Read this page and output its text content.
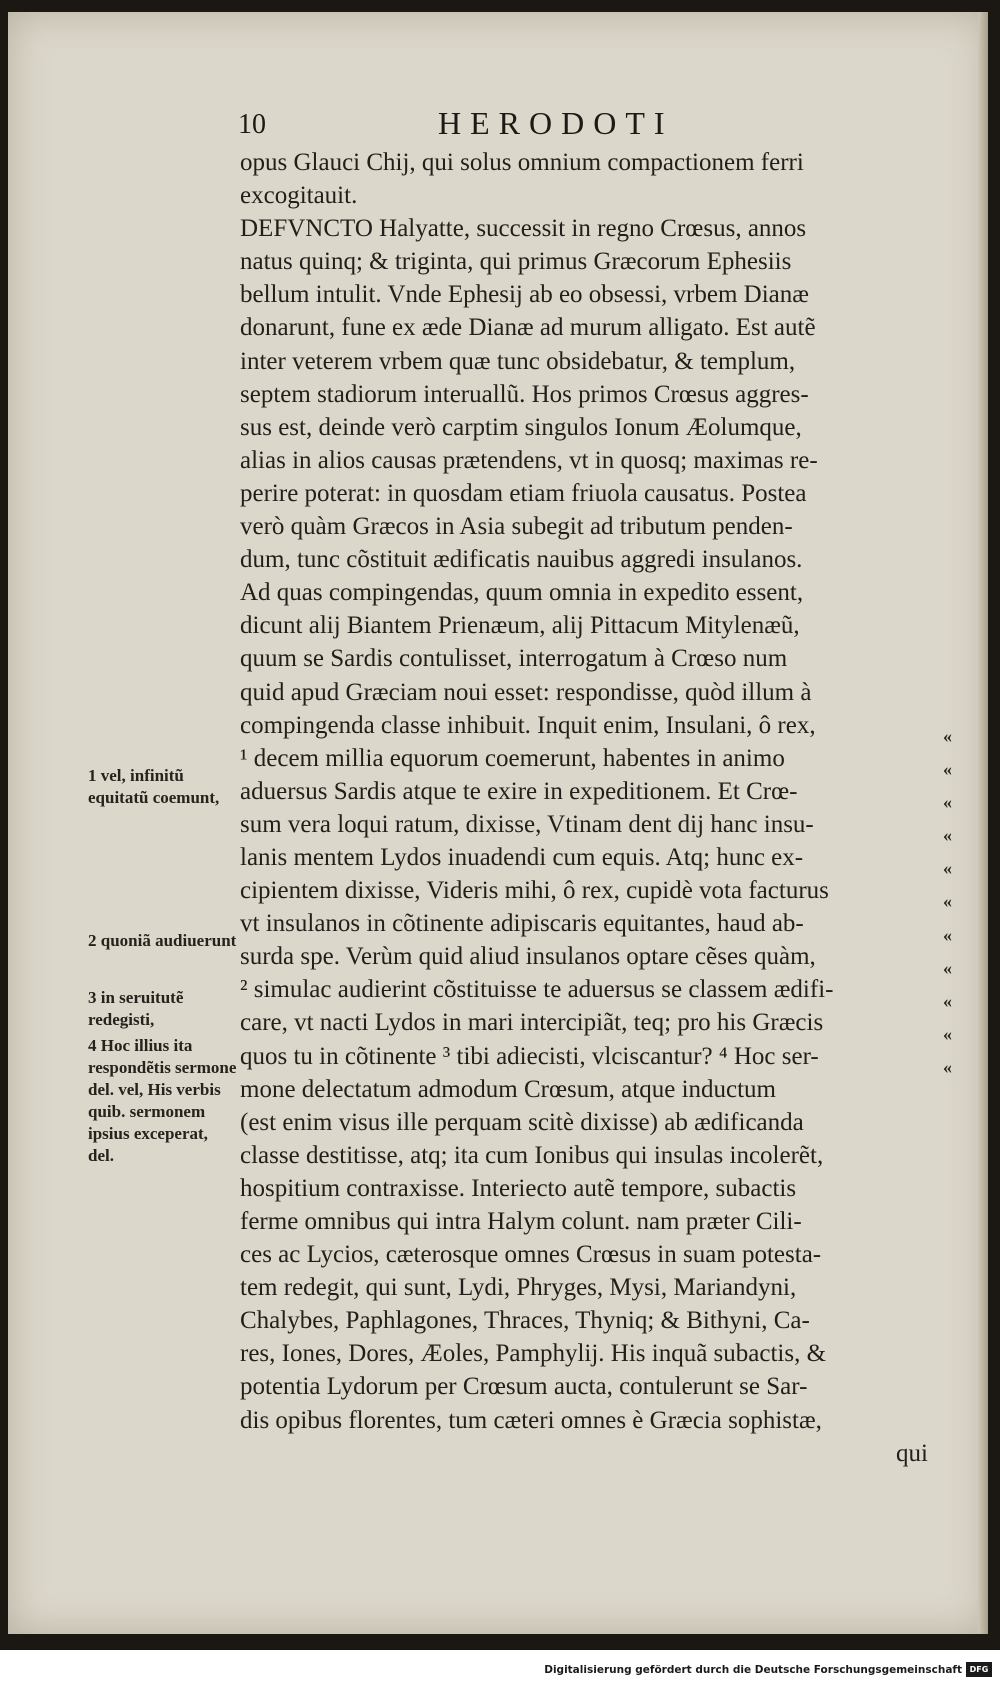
10	HERODOTI
opus Glauci Chij, qui solus omnium compactionem ferri
excogitauit.
DEFVNCTO Halyatte, successit in regno Crœsus, annos
natus quinq; & triginta, qui primus Græcorum Ephesiis
bellum intulit. Vnde Ephesij ab eo obsessi, vrbem Dianæ
donarunt, fune ex æde Dianæ ad murum alligato. Est autẽ
inter veterem vrbem quæ tunc obsidebatur, & templum,
septem stadiorum interuallũ. Hos primos Crœsus aggres-
sus est, deinde verò carptim singulos Ionum Æolumque,
alias in alios causas prætendens, vt in quosq; maximas re-
perire poterat: in quosdam etiam friuola causatus. Postea
verò quàm Græcos in Asia subegit ad tributum penden-
dum, tunc cõstituit ædificatis nauibus aggredi insulanos.
Ad quas compingendas, quum omnia in expedito essent,
dicunt alij Biantem Prienæum, alij Pittacum Mitylenæũ,
quum se Sardis contulisset, interrogatum à Crœso num
quid apud Græciam noui esset: respondisse, quòd illum à
compingenda classe inhibuit. Inquit enim, Insulani, ô rex,
¹ decem millia equorum coemerunt, habentes in animo
aduersus Sardis atque te exire in expeditionem. Et Crœ-
sum vera loqui ratum, dixisse, Vtinam dent dij hanc insu-
lanis mentem Lydos inuadendi cum equis. Atq; hunc ex-
cipientem dixisse, Videris mihi, ô rex, cupidè vota facturus
vt insulanos in cõtinente adipiscaris equitantes, haud ab-
surda spe. Verùm quid aliud insulanos optare cẽses quàm,
² simulac audierint cõstituisse te aduersus se classem ædifi-
care, vt nacti Lydos in mari intercipiãt, teq; pro his Græcis
quos tu in cõtinente ³ tibi adiecisti, vlciscantur? ⁴ Hoc ser-
mone delectatum admodum Crœsum, atque inductum
(est enim visus ille perquam scitè dixisse) ab ædificanda
classe destitisse, atq; ita cum Ionibus qui insulas incolerẽt,
hospitium contraxisse. Interiecto autẽ tempore, subactis
ferme omnibus qui intra Halym colunt. nam præter Cili-
ces ac Lycios, cæterosque omnes Crœsus in suam potesta-
tem redegit, qui sunt, Lydi, Phryges, Mysi, Mariandyni,
Chalybes, Paphlagones, Thraces, Thyniq; & Bithyni, Ca-
res, Iones, Dores, Æoles, Pamphylij. His inquã subactis, &
potentia Lydorum per Crœsum aucta, contulerunt se Sar-
dis opibus florentes, tum cæteri omnes è Græcia sophistæ,
qui
1 vel, infinitũ equitatũ coemunt,
2 quoniã audiuerunt
3 in seruitutẽ redegisti,
4 Hoc illius ita respondẽtis sermone del. vel, His verbis quib. sermonem ipsius exceperat, del.
«
«
«
«
«
«
«
«
«
«
«
Digitalisierung gefördert durch die Deutsche Forschungsgemeinschaft DFG
